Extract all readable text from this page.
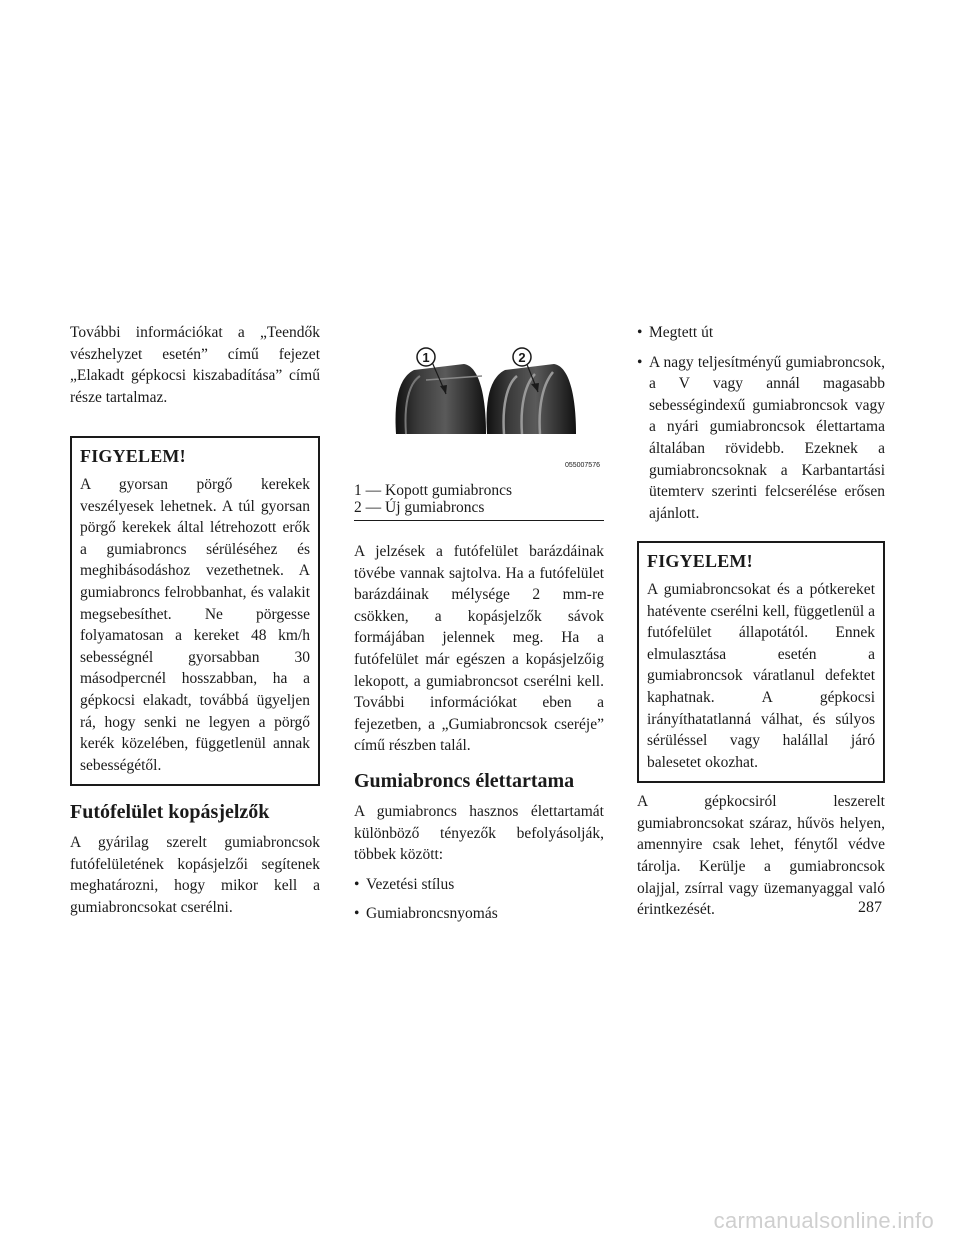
További információkat a „Teendők vészhelyzet esetén” című fejezet „Elakadt gépkocsi kiszabadítása” című része tartalmaz.

FIGYELEM!

A gyorsan pörgő kerekek veszélyesek lehetnek. A túl gyorsan pörgő kerekek által létrehozott erők a gumiabroncs sérüléséhez és meghibásodáshoz vezethetnek. A gumiabroncs felrobbanhat, és valakit megsebesíthet. Ne pörgesse folyamatosan a kereket 48 km/h sebességnél gyorsabban 30 másodpercnél hosszabban, ha a gépkocsi elakadt, továbbá ügyeljen rá, hogy senki ne legyen a pörgő kerék közelében, függetlenül annak sebességétől.

Futófelület kopásjelzők

A gyárilag szerelt gumiabroncsok futófelületének kopásjelzői segítenek meghatározni, hogy mikor kell a gumiabroncsokat cserélni.

1	2
055007576
1 — Kopott gumiabroncs
2 — Új gumiabroncs

A jelzések a futófelület barázdáinak tövébe vannak sajtolva. Ha a futófelület barázdáinak mélysége 2 mm-re csökken, a kopásjelzők sávok formájában jelennek meg. Ha a futófelület már egészen a kopásjelzőig lekopott, a gumiabroncsot cserélni kell. További információkat eben a fejezetben, a „Gumiabroncsok cseréje” című részben talál.

Gumiabroncs élettartama

A gumiabroncs hasznos élettartamát különböző tényezők befolyásolják, többek között:

• Vezetési stílus
• Gumiabroncsnyomás
• Megtett út
• A nagy teljesítményű gumiabroncsok, a V vagy annál magasabb sebességindexű gumiabroncsok vagy a nyári gumiabroncsok élettartama általában rövidebb. Ezeknek a gumiabroncsoknak a Karbantartási ütemterv szerinti felcserélése erősen ajánlott.
FIGYELEM!

A gumiabroncsokat és a pótkereket hatévente cserélni kell, függetlenül a futófelület állapotától. Ennek elmulasztása esetén a gumiabroncsok váratlanul defektet kaphatnak. A gépkocsi irányíthatatlanná válhat, és súlyos sérüléssel vagy halállal járó balesetet okozhat.

A gépkocsiról leszerelt gumiabroncsokat száraz, hűvös helyen, amennyire csak lehet, fénytől védve tárolja. Kerülje a gumiabroncsok olajjal, zsírral vagy üzemanyaggal való érintkezését.	287
carmanualsonline.info
